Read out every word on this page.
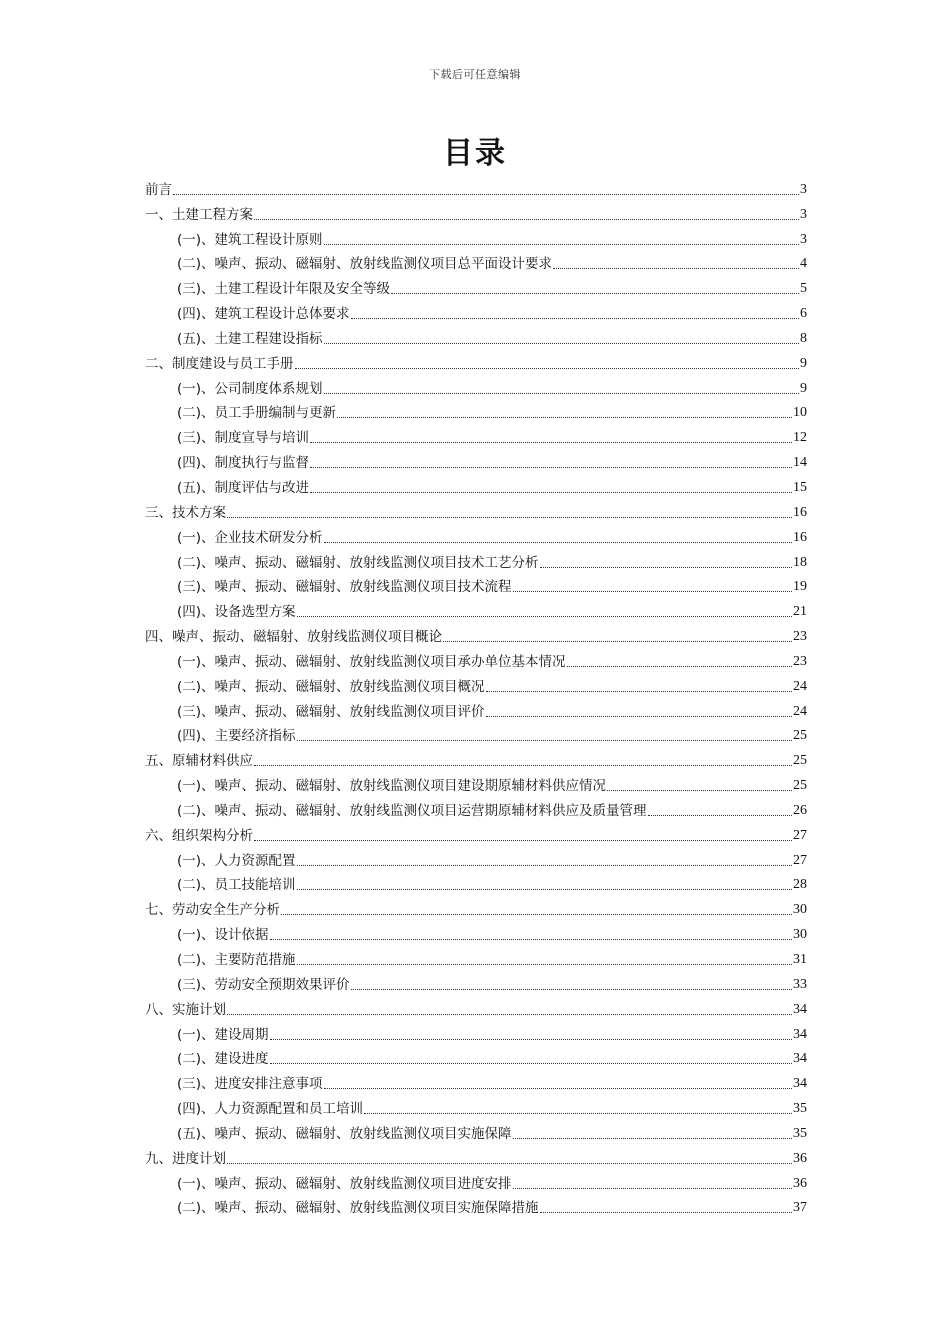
下载后可任意编辑
目录
前言	3
一、土建工程方案	3
(一)、建筑工程设计原则	3
(二)、噪声、振动、磁辐射、放射线监测仪项目总平面设计要求	4
(三)、土建工程设计年限及安全等级	5
(四)、建筑工程设计总体要求	6
(五)、土建工程建设指标	8
二、制度建设与员工手册	9
(一)、公司制度体系规划	9
(二)、员工手册编制与更新	10
(三)、制度宣导与培训	12
(四)、制度执行与监督	14
(五)、制度评估与改进	15
三、技术方案	16
(一)、企业技术研发分析	16
(二)、噪声、振动、磁辐射、放射线监测仪项目技术工艺分析	18
(三)、噪声、振动、磁辐射、放射线监测仪项目技术流程	19
(四)、设备选型方案	21
四、噪声、振动、磁辐射、放射线监测仪项目概论	23
(一)、噪声、振动、磁辐射、放射线监测仪项目承办单位基本情况	23
(二)、噪声、振动、磁辐射、放射线监测仪项目概况	24
(三)、噪声、振动、磁辐射、放射线监测仪项目评价	24
(四)、主要经济指标	25
五、原辅材料供应	25
(一)、噪声、振动、磁辐射、放射线监测仪项目建设期原辅材料供应情况	25
(二)、噪声、振动、磁辐射、放射线监测仪项目运营期原辅材料供应及质量管理	26
六、组织架构分析	27
(一)、人力资源配置	27
(二)、员工技能培训	28
七、劳动安全生产分析	30
(一)、设计依据	30
(二)、主要防范措施	31
(三)、劳动安全预期效果评价	33
八、实施计划	34
(一)、建设周期	34
(二)、建设进度	34
(三)、进度安排注意事项	34
(四)、人力资源配置和员工培训	35
(五)、噪声、振动、磁辐射、放射线监测仪项目实施保障	35
九、进度计划	36
(一)、噪声、振动、磁辐射、放射线监测仪项目进度安排	36
(二)、噪声、振动、磁辐射、放射线监测仪项目实施保障措施	37
